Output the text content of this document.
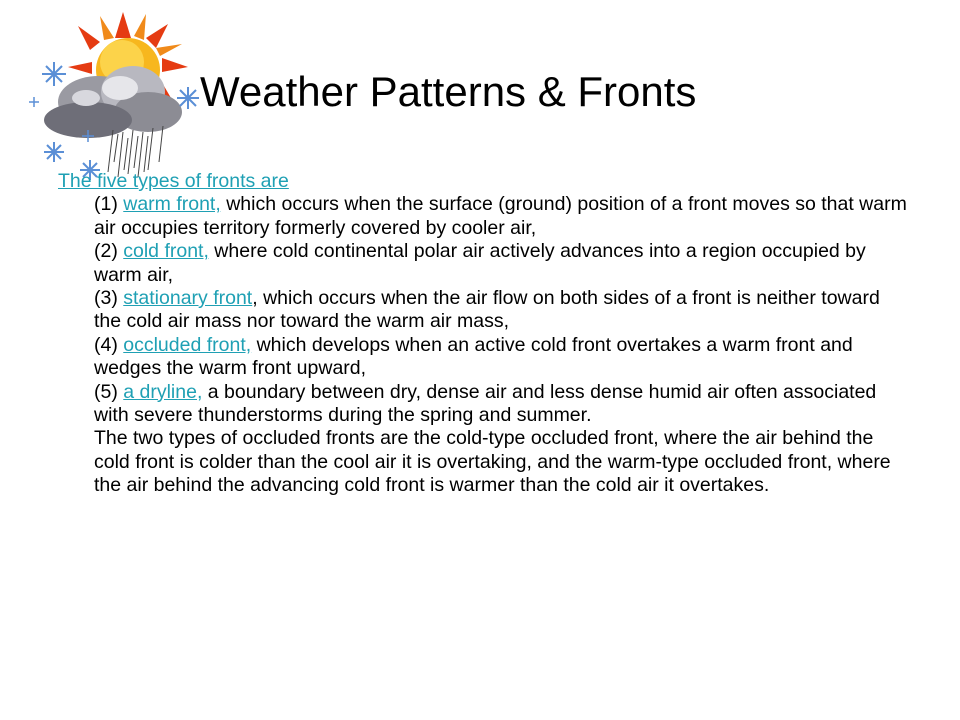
Weather Patterns & Fronts
The five types of fronts are
(1) warm front, which occurs when the surface (ground) position of a front moves so that warm air occupies territory formerly covered by cooler air,
(2) cold front, where cold continental polar air actively advances into a region occupied by warm air,
(3) stationary front, which occurs when the air flow on both sides of a front is neither toward the cold air mass nor toward the warm air mass,
(4) occluded front, which develops when an active cold front overtakes a warm front and wedges the warm front upward,
(5) a dryline, a boundary between dry, dense air and less dense humid air often associated with severe thunderstorms during the spring and summer.
The two types of occluded fronts are the cold-type occluded front, where the air behind the cold front is colder than the cool air it is overtaking, and the warm-type occluded front, where the air behind the advancing cold front is warmer than the cold air it overtakes.
